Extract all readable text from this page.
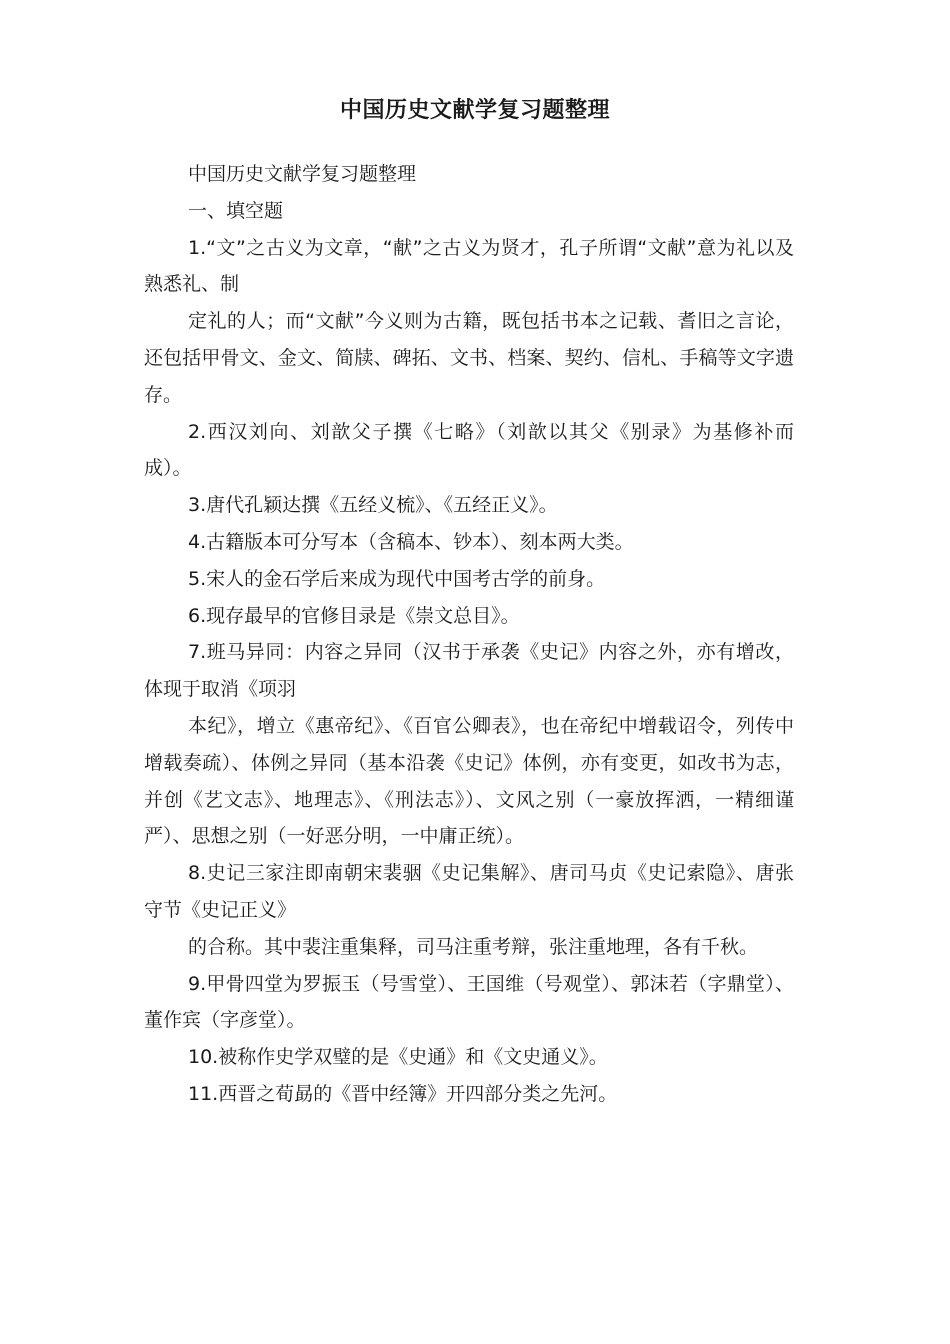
中国历史文献学复习题整理

中国历史文献学复习题整理

一、填空题

1.“文”之古义为文章，“献”之古义为贤才，孔子所谓“文献”意为礼以及熟悉礼、制

定礼的人；而“文献”今义则为古籍，既包括书本之记载、耆旧之言论，还包括甲骨文、金文、简牍、碑拓、文书、档案、契约、信札、手稿等文字遗存。

2.西汉刘向、刘歆父子撰《七略》（刘歆以其父《别录》为基修补而成）。

3.唐代孔颖达撰《五经义梳》、《五经正义》。

4.古籍版本可分写本（含稿本、钞本）、刻本两大类。

5.宋人的金石学后来成为现代中国考古学的前身。

6.现存最早的官修目录是《崇文总目》。

7.班马异同：内容之异同（汉书于承袭《史记》内容之外，亦有增改，体现于取消《项羽

本纪》，增立《惠帝纪》、《百官公卿表》，也在帝纪中增载诏令，列传中增载奏疏）、体例之异同（基本沿袭《史记》体例，亦有变更，如改书为志，并创《艺文志》、地理志》、《刑法志》）、文风之别（一豪放挥洒，一精细谨严）、思想之别（一好恶分明，一中庸正统）。

8.史记三家注即南朝宋裴骃《史记集解》、唐司马贞《史记索隐》、唐张守节《史记正义》

的合称。其中裴注重集释，司马注重考辩，张注重地理，各有千秋。

9.甲骨四堂为罗振玉（号雪堂）、王国维（号观堂）、郭沫若（字鼎堂）、董作宾（字彦堂）。

10.被称作史学双璧的是《史通》和《文史通义》。

11.西晋之荀勗的《晋中经簿》开四部分类之先河。
